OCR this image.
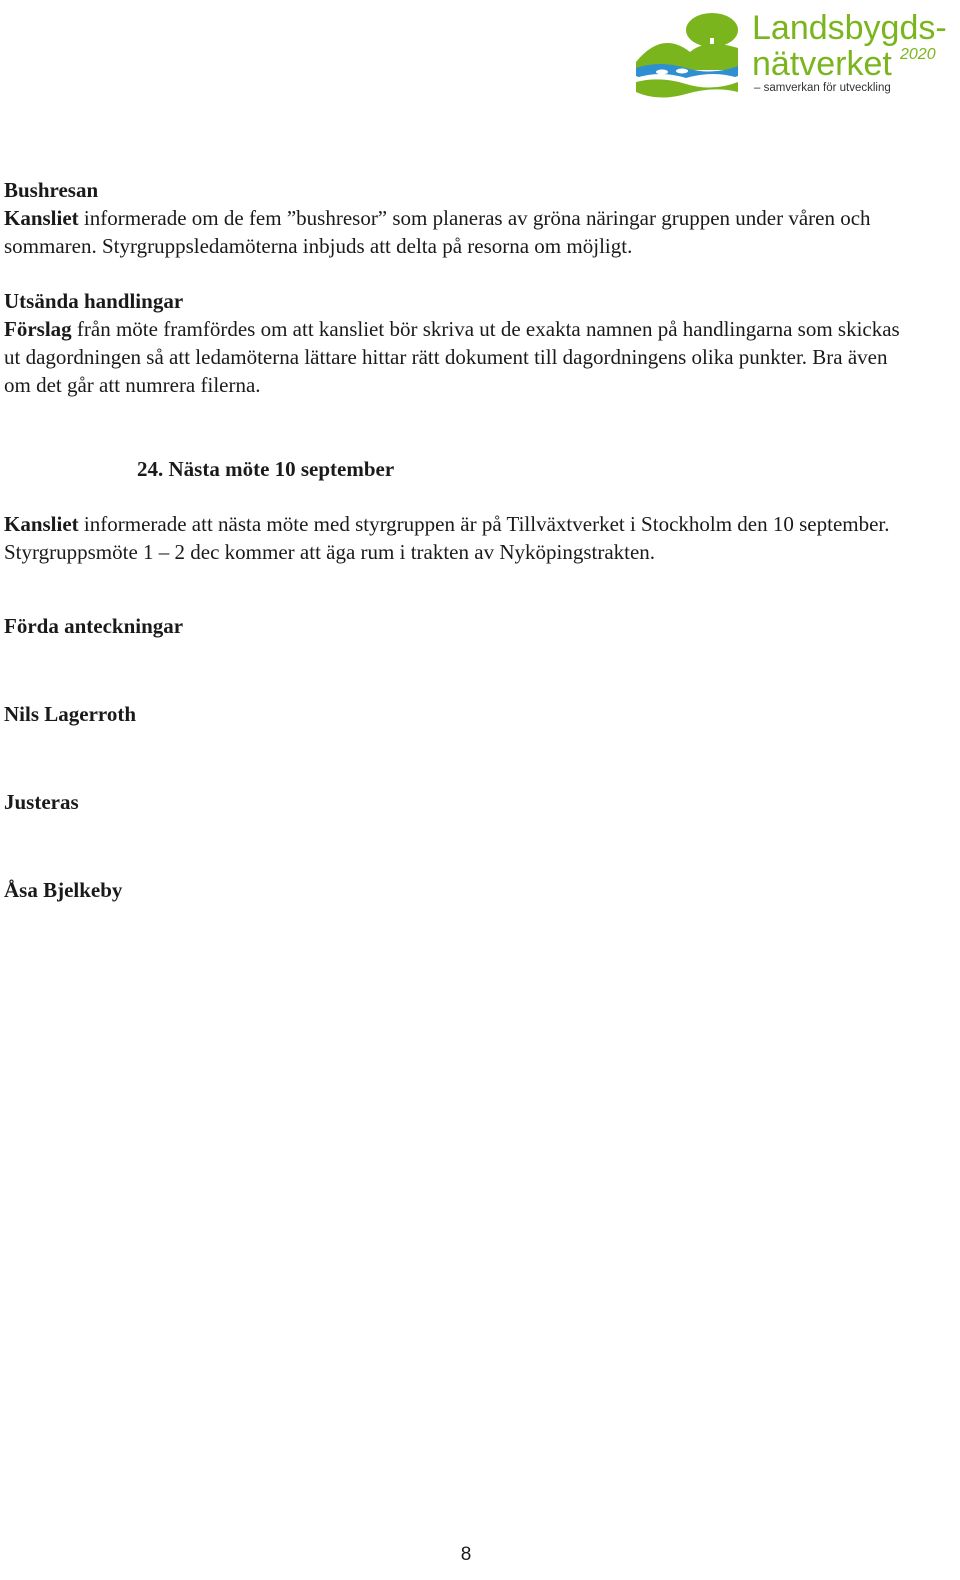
Landsbygds-
nätverket 2020
– samverkan för utveckling

Bushresan

Kansliet informerade om de fem ”bushresor” som planeras av gröna näringar gruppen under våren och sommaren. Styrgruppsledamöterna inbjuds att delta på resorna om möjligt.

Utsända handlingar

Förslag från möte framfördes om att kansliet bör skriva ut de exakta namnen på handlingarna som skickas ut dagordningen så att ledamöterna lättare hittar rätt dokument till dagordningens olika punkter. Bra även om det går att numrera filerna.

24. Nästa möte 10 september

Kansliet informerade att nästa möte med styrgruppen är på Tillväxtverket i Stockholm den 10 september. Styrgruppsmöte 1 – 2 dec kommer att äga rum i trakten av Nyköpingstrakten.

Förda anteckningar

Nils Lagerroth

Justeras

Åsa Bjelkeby

8
